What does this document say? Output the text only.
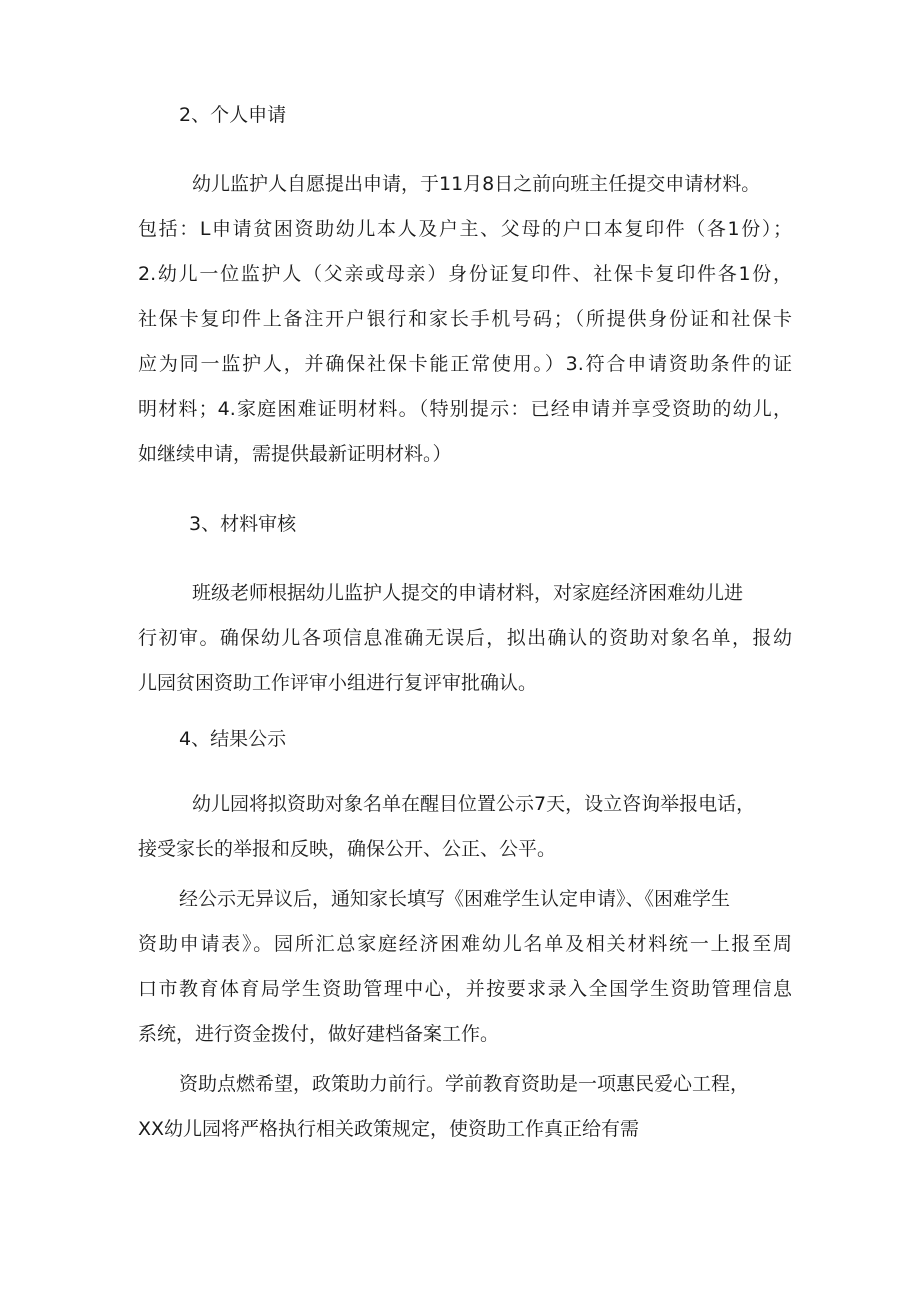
2、个人申请
幼儿监护人自愿提出申请，于11月8日之前向班主任提交申请材料。
包括：L申请贫困资助幼儿本人及户主、父母的户口本复印件（各1份）；
2.幼儿一位监护人（父亲或母亲）身份证复印件、社保卡复印件各1份，
社保卡复印件上备注开户银行和家长手机号码；（所提供身份证和社保卡
应为同一监护人，并确保社保卡能正常使用。）3.符合申请资助条件的证
明材料；4.家庭困难证明材料。（特别提示：已经申请并享受资助的幼儿，
如继续申请，需提供最新证明材料。）
3、材料审核
班级老师根据幼儿监护人提交的申请材料，对家庭经济困难幼儿进
行初审。确保幼儿各项信息准确无误后，拟出确认的资助对象名单，报幼
儿园贫困资助工作评审小组进行复评审批确认。
4、结果公示
幼儿园将拟资助对象名单在醒目位置公示7天，设立咨询举报电话，
接受家长的举报和反映，确保公开、公正、公平。
经公示无异议后，通知家长填写《困难学生认定申请》、《困难学生
资助申请表》。园所汇总家庭经济困难幼儿名单及相关材料统一上报至周
口市教育体育局学生资助管理中心，并按要求录入全国学生资助管理信息
系统，进行资金拨付，做好建档备案工作。
资助点燃希望，政策助力前行。学前教育资助是一项惠民爱心工程，
XX幼儿园将严格执行相关政策规定，使资助工作真正给有需
